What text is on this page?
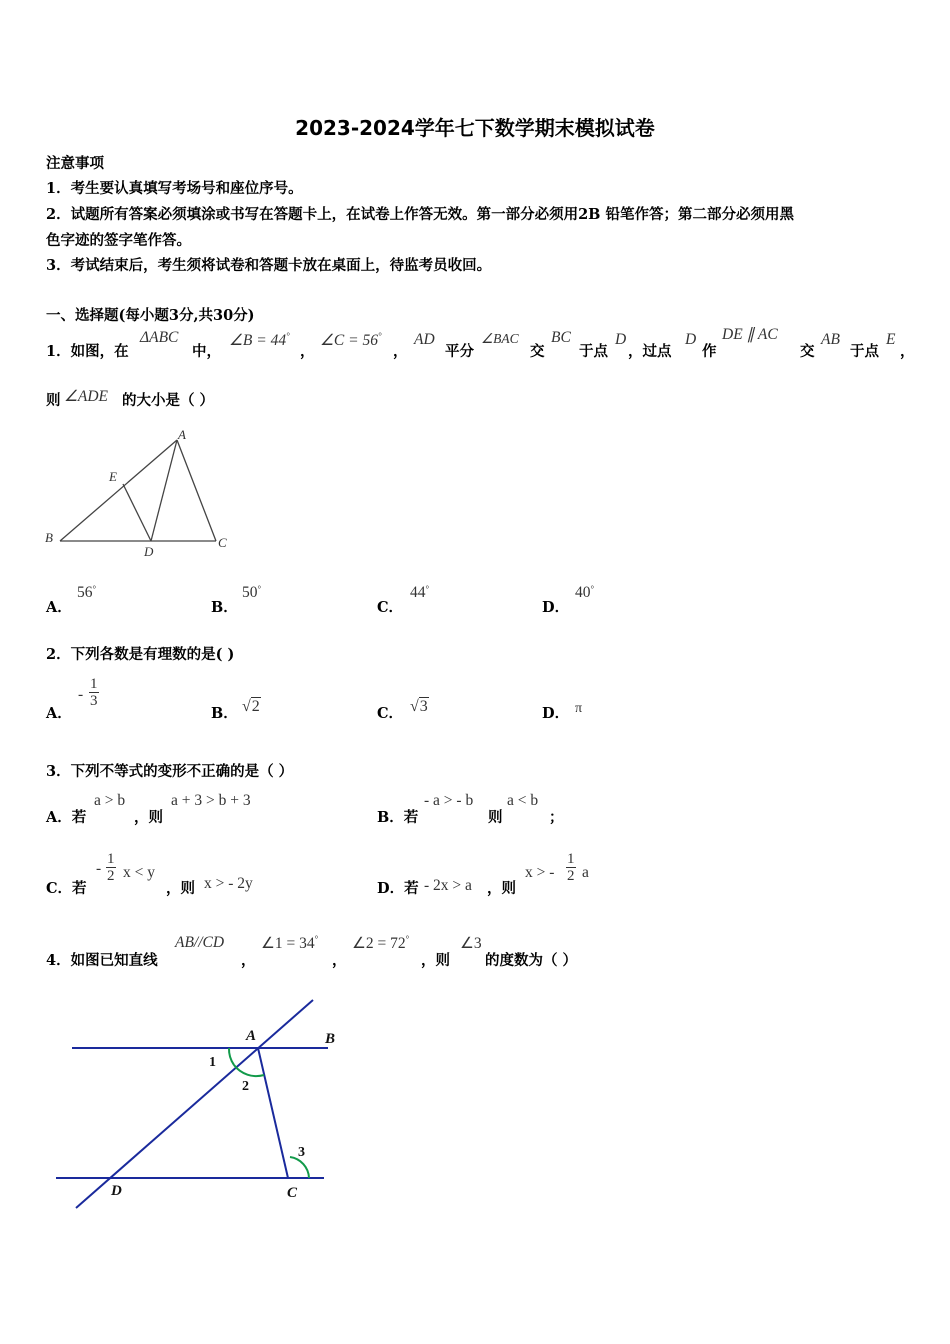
2023-2024学年七下数学期末模拟试卷
注意事项
1．考生要认真填写考场号和座位序号。
2．试题所有答案必须填涂或书写在答题卡上，在试卷上作答无效。第一部分必须用2B 铅笔作答；第二部分必须用黑
色字迹的签字笔作答。
3．考试结束后，考生须将试卷和答题卡放在桌面上，待监考员收回。
一、选择题(每小题3分,共30分)
1．如图，在
ΔABC
中，
∠B = 44°
，
∠C = 56°
，
AD
平分
∠BAC
交
BC
于点
D
，过点
D
作
DE ∥ AC
交
AB
于点
E
，
则 ∠ADE 的大小是（ ）
A
B	C
D
E
A．
56°
B．
50°
C．
44°
D．
40°
2．下列各数是有理数的是( )
A．
- $\frac{1}{3}$
B． √2	C． √3	D． π
3．下列不等式的变形不正确的是（ ）
A．若
a > b
，则
a + 3 > b + 3
B．若
- a > - b
则
a < b
；
C．若
- $\frac{1}{2}$ x < y
，则 x > - 2y	D．若 - 2x > a ，则
x > - $\frac{1}{2}$ a
4．如图已知直线
AB//CD
，
∠1 = 34°
，
∠2 = 72°
，则
∠3
的度数为（ ）
A	B
C
D
1
2
3
